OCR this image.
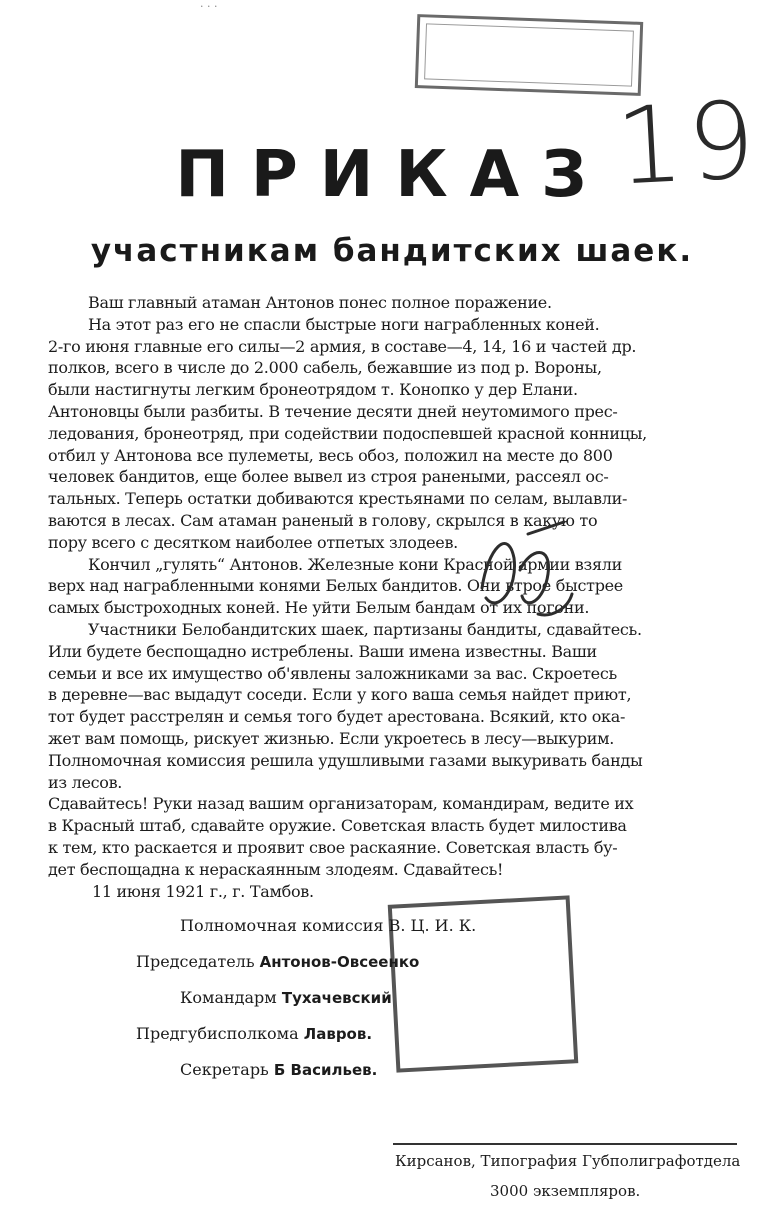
· · ·
19
ПРИКАЗ
участникам бандитских шаек.
Ваш главный атаман Антонов понес полное поражение.
На этот раз его не спасли быстрые ноги награбленных коней.
2-го июня главные его силы—2 армия, в составе—4, 14, 16 и частей др.
полков, всего в числе до 2.000 сабель, бежавшие из под р. Вороны,
были настигнуты легким бронеотрядом т. Конопко у дер Елани.
Антоновцы были разбиты. В течение десяти дней неутомимого прес-
ледования, бронеотряд, при содействии подоспевшей красной конницы,
отбил у Антонова все пулеметы, весь обоз, положил на месте до 800
человек бандитов, еще более вывел из строя ранеными, рассеял ос-
тальных. Теперь остатки добиваются крестьянами по селам, вылавли-
ваются в лесах. Сам атаман раненый в голову, скрылся в какую то
пору всего с десятком наиболее отпетых злодеев.
Кончил „гулять“ Антонов. Железные кони Красной армии взяли
верх над награбленными конями Белых бандитов. Они втрое быстрее
самых быстроходных коней. Не уйти Белым бандам от их погони.
Участники Белобандитских шаек, партизаны бандиты, сдавайтесь.
Или будете беспощадно истреблены. Ваши имена известны. Ваши
семьи и все их имущество об'явлены заложниками за вас. Скроетесь
в деревне—вас выдадут соседи. Если у кого ваша семья найдет приют,
тот будет расстрелян и семья того будет арестована. Всякий, кто ока-
жет вам помощь, рискует жизнью. Если укроетесь в лесу—выкурим.
Полномочная комиссия решила удушливыми газами выкуривать банды
из лесов.
Сдавайтесь! Руки назад вашим организаторам, командирам, ведите их
в Красный штаб, сдавайте оружие. Советская власть будет милостива
к тем, кто раскается и проявит свое раскаяние. Советская власть бу-
дет беспощадна к нераскаянным злодеям. Сдавайтесь!
11 июня 1921 г., г. Тамбов.
Полномочная комиссия В. Ц. И. К.
Председатель Антонов-Овсеенко
Командарм Тухачевский
Предгубисполкома Лавров.
Секретарь Б Васильев.
Кирсанов, Типография Губполиграфотдела
3000 экземпляров.
